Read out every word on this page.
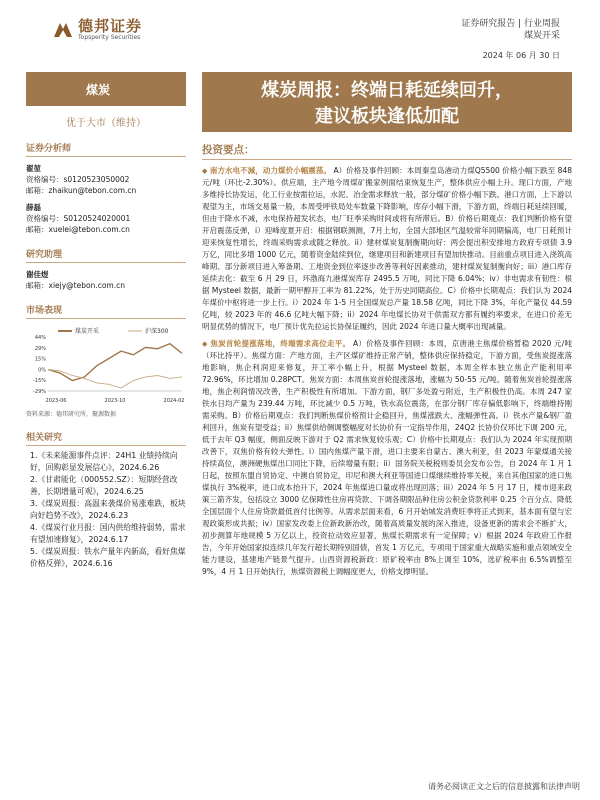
德邦证券
Topsperity Securities
证券研究报告 | 行业周报
煤炭开采
2024 年 06 月 30 日
煤炭
优于大市（维持）
证券分析师
翟堃
资格编号：s0120523050002
邮箱：zhaikun@tebon.com.cn
薛磊
资格编号：S0120524020001
邮箱：xuelei@tebon.com.cn
研究助理
谢佳煜
邮箱：xiejy@tebon.com.cn
市场表现
煤炭开采	沪深300
44%
29%
15%
0%
-15%
-29%
2023-06	2023-10	2024-02
资料来源：德邦研究所，聚源数据
相关研究
1.《未来能源事件点评：24H1 业绩持续向好，回购彰显发展信心》，2024.6.26
2.《甘肃能化（000552.SZ）：短期经营改善，长期增量可观》，2024.6.25
3.《煤炭周报：高温来袭煤价易涨难跌，板块向好趋势不改》，2024.6.23
4.《煤炭行业月报：国内供给维持弱势，需求有望加速修复》，2024.6.17
5.《煤炭周报：铁水产量年内新高，看好焦煤价格反弹》，2024.6.16
煤炭周报：终端日耗延续回升，
建议板块逢低加配
投资要点：
◆ 南方水电不減，动力煤价小幅震荡。 A）价格及事件回顾：本周秦皇岛港动力煤Q5500 价格小幅下跌至 848 元/吨（环比-2.30%）。供应端，主产地今周煤矿搬家例面结束恢复生产，整体供应小幅上升。现口方面，产地多维持长协发运，化工行业按需拉运，水泥、冶金需求释放一般，部分煤矿价格小幅下跌。港口方面，上下游以观望为主，市场交易量一般，本周受呼铁局处车数量下降影响，库存小幅下滑，下游方面，终端日耗延续回暖，但由于降水不减，水电保持超发状态，电厂旺季采购时间或将有所滞后。B）价格后期观点：我们判断价格有望开启震荡反弹，i）迎峰度夏开启：根据钢联测测，7月上旬，全国大部地区气温较常年同期偏高，电厂日耗预计迎来恢复性增长，终端采购需求或随之释放。ii）建材煤炭复制衡期向好：两会提出积安排地方政府专项债 3.9 万亿，同比多增 1000 亿元，随着资金陆续到位，继建项目和新建项目有望加快推动。目前重点项目进入浇筑高峰期、部分新项目进入筹备期、工地资金到位率逐步改善等利好因素推动，建材煤炭复制衡向好；iii）港口库存延续去化：截至 6 月 29 日，环渤海九港煤炭库存 2495.5 万吨，同比下降 6.04%；iv）非电需求有韧性：根据 Mysteel 数据，最新一期甲醇开工率为 81.22%，处于历史同期高位。C）价格中长期观点：我们认为 2024 年煤价中枢将进一步上行。i）2024 年 1-5 月全国煤炭总产量 18.58 亿吨，同比下降 3%，年化产量仅 44.59 亿吨，较 2023 年的 46.6 亿吨大幅下降；ii）2024 年电煤长协对于供需双方都有履约率要求，在进口价差无明显优势的情况下，电厂预计优先拉运长协保证履约，因此 2024 年进口量大概率出现减量。
◆ 焦炭首轮提涨落地，终端需求高位走平。 A）价格及事件回顾：本周，京唐港主焦煤价格暂稳 2020 元/吨（环比持平）。焦煤方面：产地方面，主产区煤矿维持正常产销，整体供应保持稳定，下游方面，受焦炭提涨落地影响，焦企利润迎来修复，开工率小幅上升，根据 Mysteel 数据，本周全样本独立焦企产能利用率 72.96%，环比增加 0.28PCT。焦炭方面：本周焦炭首轮提涨落地，涨幅为 50-55 元/吨。随着焦炭首轮提涨落地，焦企利润情况改善，生产积极性有所增加。下游方面，钢厂多处盈亏附近，生产积极性仍高。本周 247 家铁水日均产量为 239.44 万吨，环比减少 0.5 万吨，铁水高位震荡，在部分钢厂库存偏低影响下，终端维持刚需采购。B）价格后期观点：我们判断焦煤价格预计企稳回升，焦煤涨跌大、涨幅弹性高。i）铁水产量&钢厂盈利回升，焦炭有望受益；ii）焦煤供给侧调整幅度对长协价有一定指导作用，24Q2 长协价仅环比下调 200 元，低于去年 Q3 幅度，侧面反映下游对于 Q2 需求恢复较乐观；C）价格中长期观点：我们认为 2024 年实现预期改善下，双焦价格有较大弹性。i）国内焦煤产量下滑，进口主要来自蒙古、澳大利亚，但 2023 年蒙煤通关接持续高位，澳洲硬焦煤出口同比下降，后续增量有限；ii）国务院关税税则委员会发布公告，自 2024 年 1 月 1 日起，按照东盟自贸协定、中澳自贸协定，印尼和澳大利亚等国进口煤继续维持零关税，来自其他国家的进口焦煤执行 3%税率，进口成本抬升下，2024 年焦煤进口量或将出现回落；iii）2024 年 5 月 17 日，楼市迎来政策三箭齐发，包括设立 3000 亿保障性住房再贷款、下调各期限品种住房公积金贷款利率 0.25 个百分点、降低全国层面个人住房贷款最低首付比例等。从需求层面来看，6 月开始城发消费旺季将正式到来，基本面有望与宏观政策形成共振；iv）国家发改委上位新政新治改，随着高质量发展的深入推进，设备更新的需求会不断扩大，初步测算年地规模 5 万亿以上，投资拉动效应显著，焦煤长期需求有一定保障；v）根据 2024 年政府工作报告，今年开始国家拟连续几年发行超长期特别国债，首发 1 万亿元，专项用于国家重大战略实施和重点领域安全能力建设，基建地产链景气提升。山西资源税新政：原矿税率由 8%上调至 10%，选矿税率由 6.5%调整至 9%，4 月 1 日开始执行，焦煤资源税上调幅度更大，价格支撑明显。
请务必阅读正文之后的信息披露和法律声明
